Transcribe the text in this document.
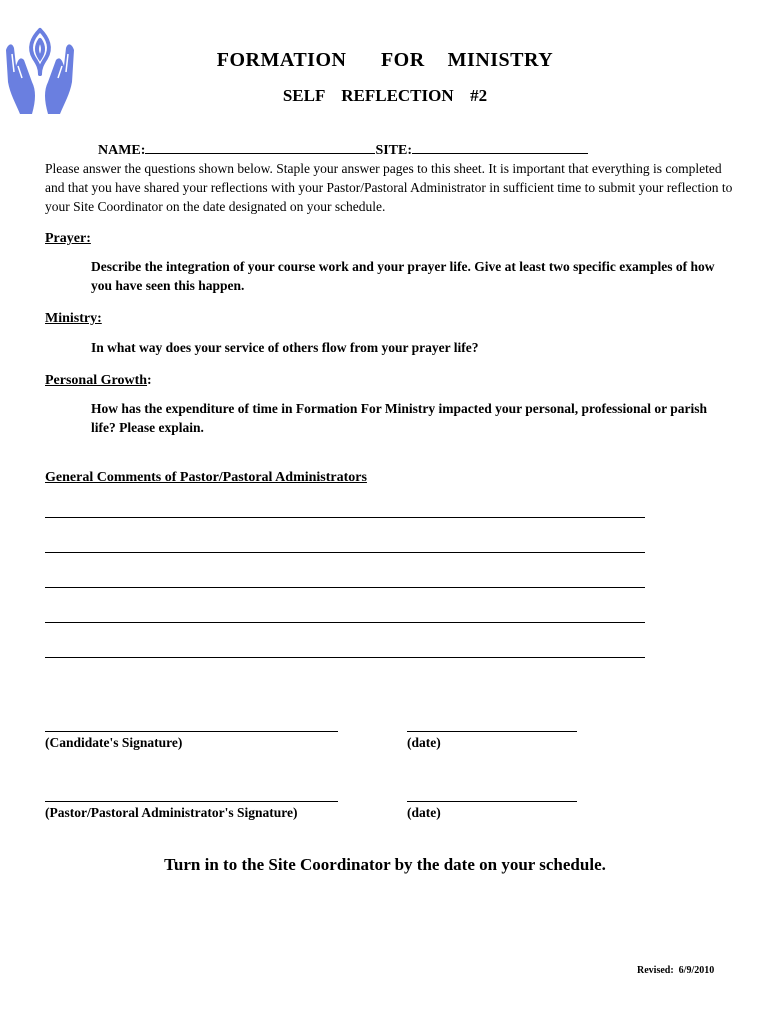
FORMATION   FOR  MINISTRY
SELF  REFLECTION  #2

NAME:	SITE:

Please answer the questions shown below. Staple your answer pages to this sheet. It is important that everything is completed and that you have shared your reflections with your Pastor/Pastoral Administrator in sufficient time to submit your reflection to your Site Coordinator on the date designated on your schedule.
Prayer:
Describe the integration of your course work and your prayer life. Give at least two specific examples of how you have seen this happen.
Ministry:
In what way does your service of others flow from your prayer life?
Personal Growth:
How has the expenditure of time in Formation For Ministry impacted your personal, professional or parish life? Please explain.
General Comments of Pastor/Pastoral Administrators
(Candidate's Signature)	(date)
(Pastor/Pastoral Administrator's Signature)	(date)
Turn in to the Site Coordinator by the date on your schedule.
Revised:  6/9/2010
